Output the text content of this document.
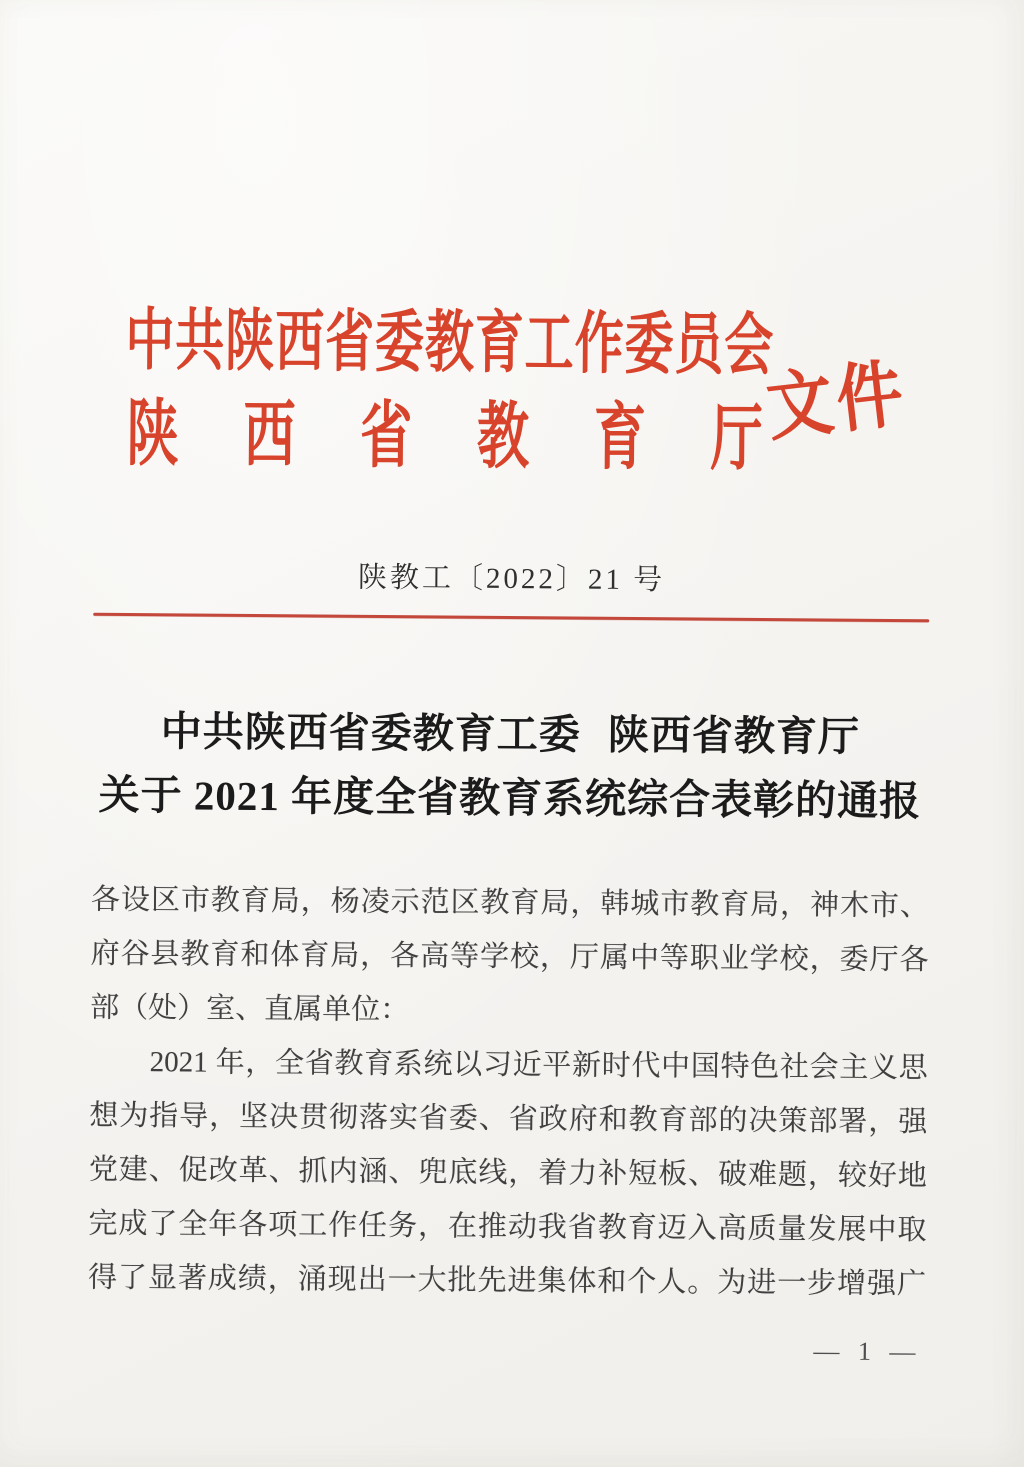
中共陕西省委教育工作委员会
陕西省教育厅 文件
陕教工〔2022〕21 号
中共陕西省委教育工委 陕西省教育厅
关于 2021 年度全省教育系统综合表彰的通报
各设区市教育局，杨凌示范区教育局，韩城市教育局，神木市、
府谷县教育和体育局，各高等学校，厅属中等职业学校，委厅各
部（处）室、直属单位：
2021 年，全省教育系统以习近平新时代中国特色社会主义思
想为指导，坚决贯彻落实省委、省政府和教育部的决策部署，强
党建、促改革、抓内涵、兜底线，着力补短板、破难题，较好地
完成了全年各项工作任务，在推动我省教育迈入高质量发展中取
得了显著成绩，涌现出一大批先进集体和个人。为进一步增强广
— 1 —
